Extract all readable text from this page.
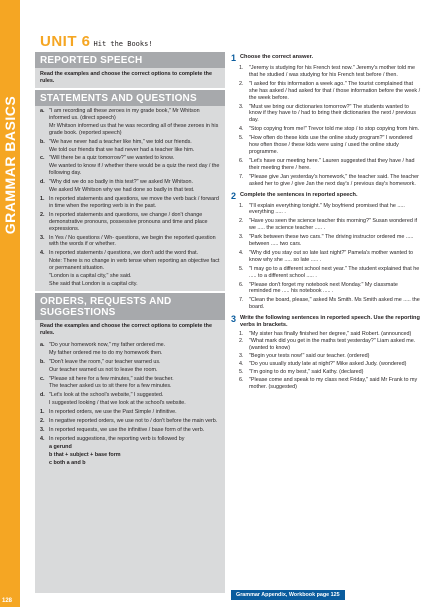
GRAMMAR BASICS
128
UNIT 6 Hit the Books!
REPORTED SPEECH
Read the examples and choose the correct options to complete the rules.
STATEMENTS AND QUESTIONS
a. "I am recording all these zeroes in my grade book," Mr Whitson informed us. (direct speech)
Mr Whitson informed us that he was recording all of these zeroes in his grade book. (reported speech)
b. "We have never had a teacher like him," we told our friends.
We told our friends that we had never had a teacher like him.
c. "Will there be a quiz tomorrow?" we wanted to know.
We wanted to know if / whether there would be a quiz the next day / the following day.
d. "Why did we do so badly in this test?" we asked Mr Whitson.
We asked Mr Whitson why we had done so badly in that test.
1. In reported statements and questions, we move the verb back / forward in time when the reporting verb is in the past.
2. In reported statements and questions, we change / don't change demonstrative pronouns, possessive pronouns and time and place expressions.
3. In Yes / No questions / Wh- questions, we begin the reported question with the words if or whether.
4. In reported statements / questions, we don't add the word that.
Note: There is no change in verb tense when reporting an objective fact or permanent situation.
"London is a capital city," she said.
She said that London is a capital city.
ORDERS, REQUESTS AND SUGGESTIONS
Read the examples and choose the correct options to complete the rules.
a. "Do your homework now," my father ordered me.
My father ordered me to do my homework then.
b. "Don't leave the room," our teacher warned us.
Our teacher warned us not to leave the room.
c. "Please sit here for a few minutes," said the teacher.
The teacher asked us to sit there for a few minutes.
d. "Let's look at the school's website," I suggested.
I suggested looking / that we look at the school's website.
1. In reported orders, we use the Past Simple / infinitive.
2. In negative reported orders, we use not to / don't before the main verb.
3. In reported requests, we use the infinitive / base form of the verb.
4. In reported suggestions, the reporting verb is followed by
a gerund
b that + subject + base form
c both a and b
1 Choose the correct answer.
1.	"Jeremy is studying for his French test now." Jeremy's mother told me that he studied / was studying for his French test before / then.
2.	"I asked for this information a week ago." The tourist complained that she has asked / had asked for that / those information before the week / the week before.
3.	"Must we bring our dictionaries tomorrow?" The students wanted to know if they have to / had to bring their dictionaries the next / previous day.
4.	"Stop copying from me!" Trevor told me stop / to stop copying from him.
5.	"How often do these kids use the online study program?" I wondered how often those / these kids were using / used the online study programme.
6.	"Let's have our meeting here." Lauren suggested that they have / had their meeting there / here.
7.	"Please give Jan yesterday's homework," the teacher said. The teacher asked her to give / give Jan the next day's / previous day's homework.
2 Complete the sentences in reported speech.
1.	"I'll explain everything tonight." My boyfriend promised that he ..... everything ..... .
2.	"Have you seen the science teacher this morning?" Susan wondered if we ..... the science teacher ..... .
3.	"Park between these two cars." The driving instructor ordered me ..... between ..... two cars.
4.	"Why did you stay out so late last night?" Pamela's mother wanted to know why she ..... so late ..... .
5.	"I may go to a different school next year." The student explained that he ..... to a different school ..... .
6.	"Please don't forget my notebook next Monday." My classmate reminded me ..... his notebook ..... .
7.	"Clean the board, please," asked Ms Smith. Ms Smith asked me ..... the board.
3 Write the following sentences in reported speech. Use the reporting verbs in brackets.
1.	"My sister has finally finished her degree," said Robert. (announced)
2.	"What mark did you get in the maths test yesterday?" Liam asked me. (wanted to know)
3.	"Begin your tests now!" said our teacher. (ordered)
4.	"Do you usually study late at night?" Mike asked Judy. (wondered)
5.	"I'm going to do my best," said Kathy. (declared)
6.	"Please come and speak to my class next Friday," said Mr Frank to my mother. (suggested)
Grammar Appendix, Workbook page 125
